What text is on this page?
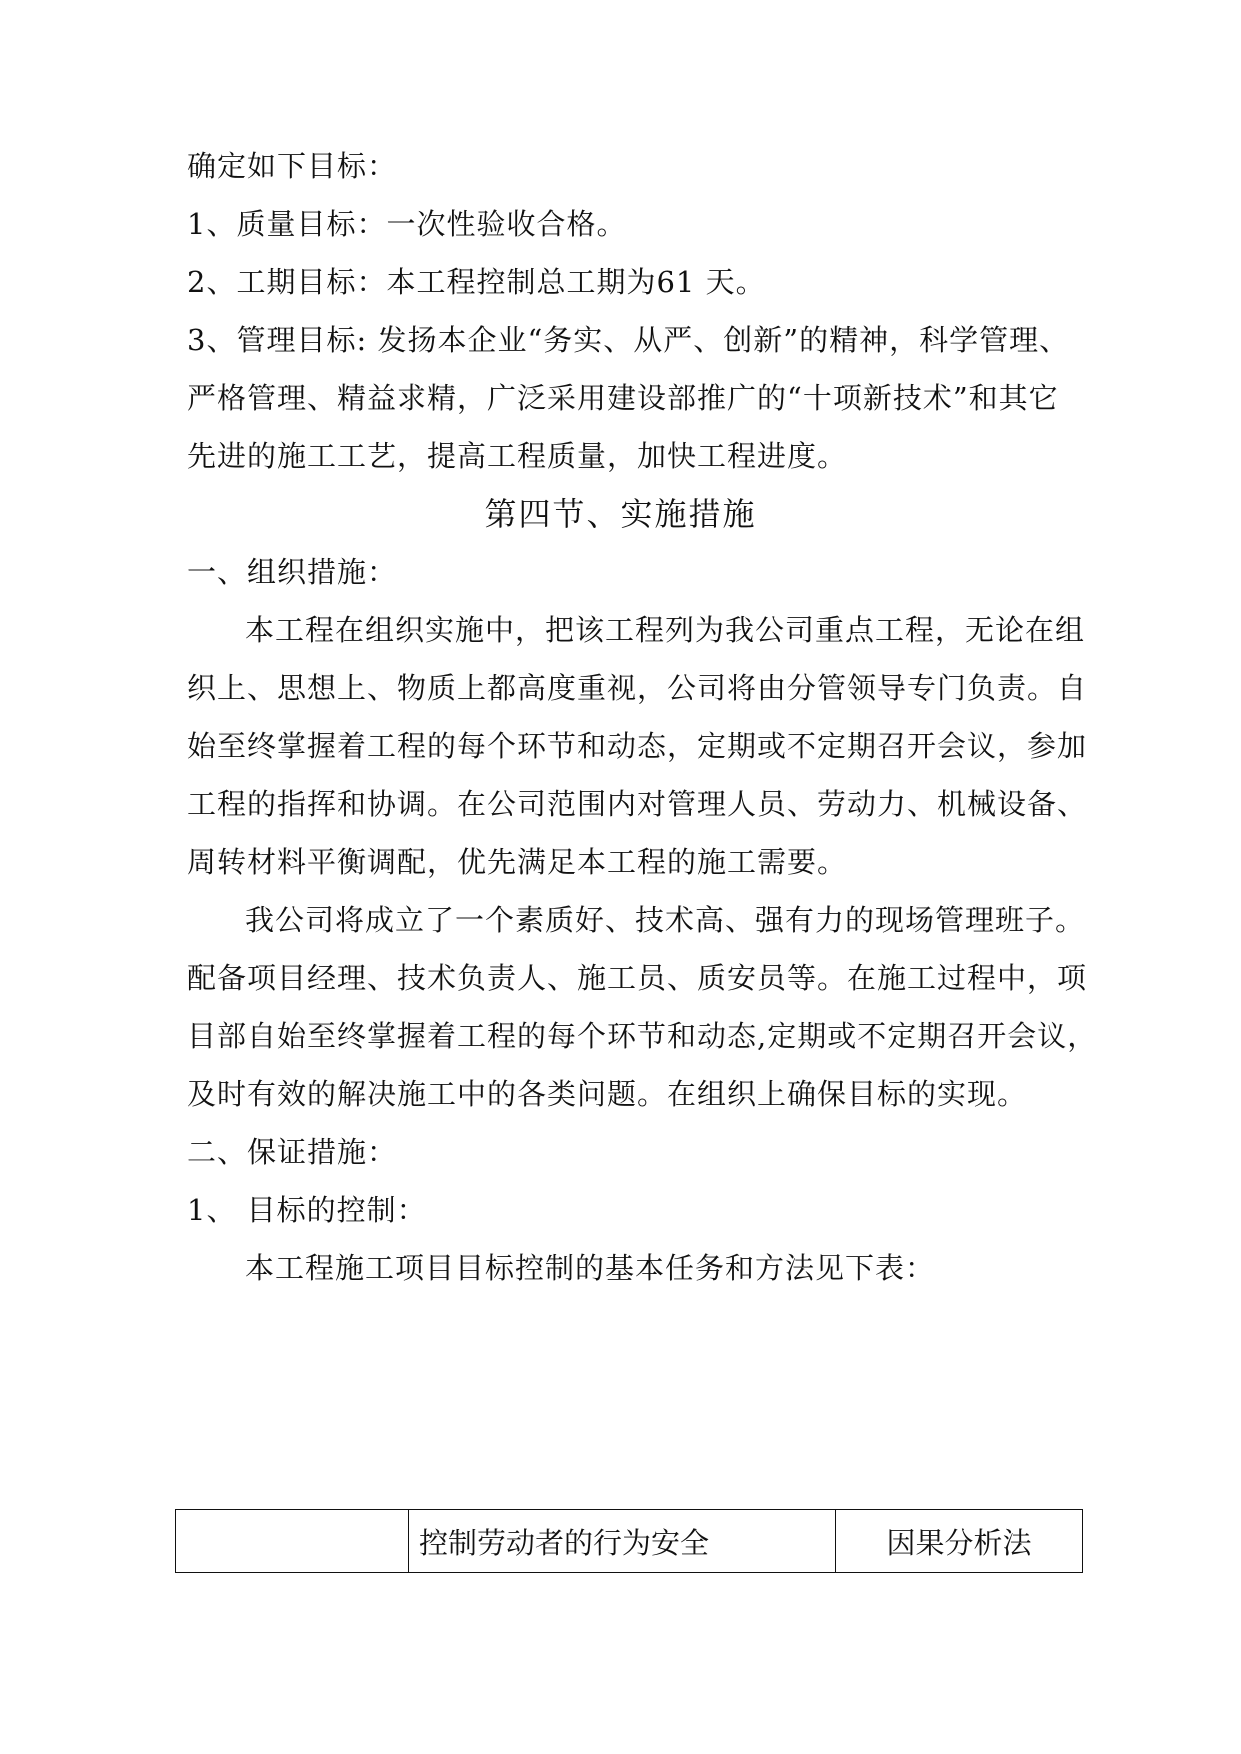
确定如下目标：
1、质量目标：一次性验收合格。
2、工期目标：本工程控制总工期为61 天。
3、管理目标: 发扬本企业“务实、从严、创新”的精神，科学管理、
严格管理、精益求精，广泛采用建设部推广的“十项新技术”和其它
先进的施工工艺，提高工程质量，加快工程进度。
第四节、实施措施
一、组织措施：
本工程在组织实施中，把该工程列为我公司重点工程，无论在组
织上、思想上、物质上都高度重视，公司将由分管领导专门负责。自
始至终掌握着工程的每个环节和动态，定期或不定期召开会议，参加
工程的指挥和协调。在公司范围内对管理人员、劳动力、机械设备、
周转材料平衡调配，优先满足本工程的施工需要。
我公司将成立了一个素质好、技术高、强有力的现场管理班子。
配备项目经理、技术负责人、施工员、质安员等。在施工过程中，项
目部自始至终掌握着工程的每个环节和动态,定期或不定期召开会议，
及时有效的解决施工中的各类问题。在组织上确保目标的实现。
二、保证措施：
1、 目标的控制：
本工程施工项目目标控制的基本任务和方法见下表：
	控制劳动者的行为安全	因果分析法
